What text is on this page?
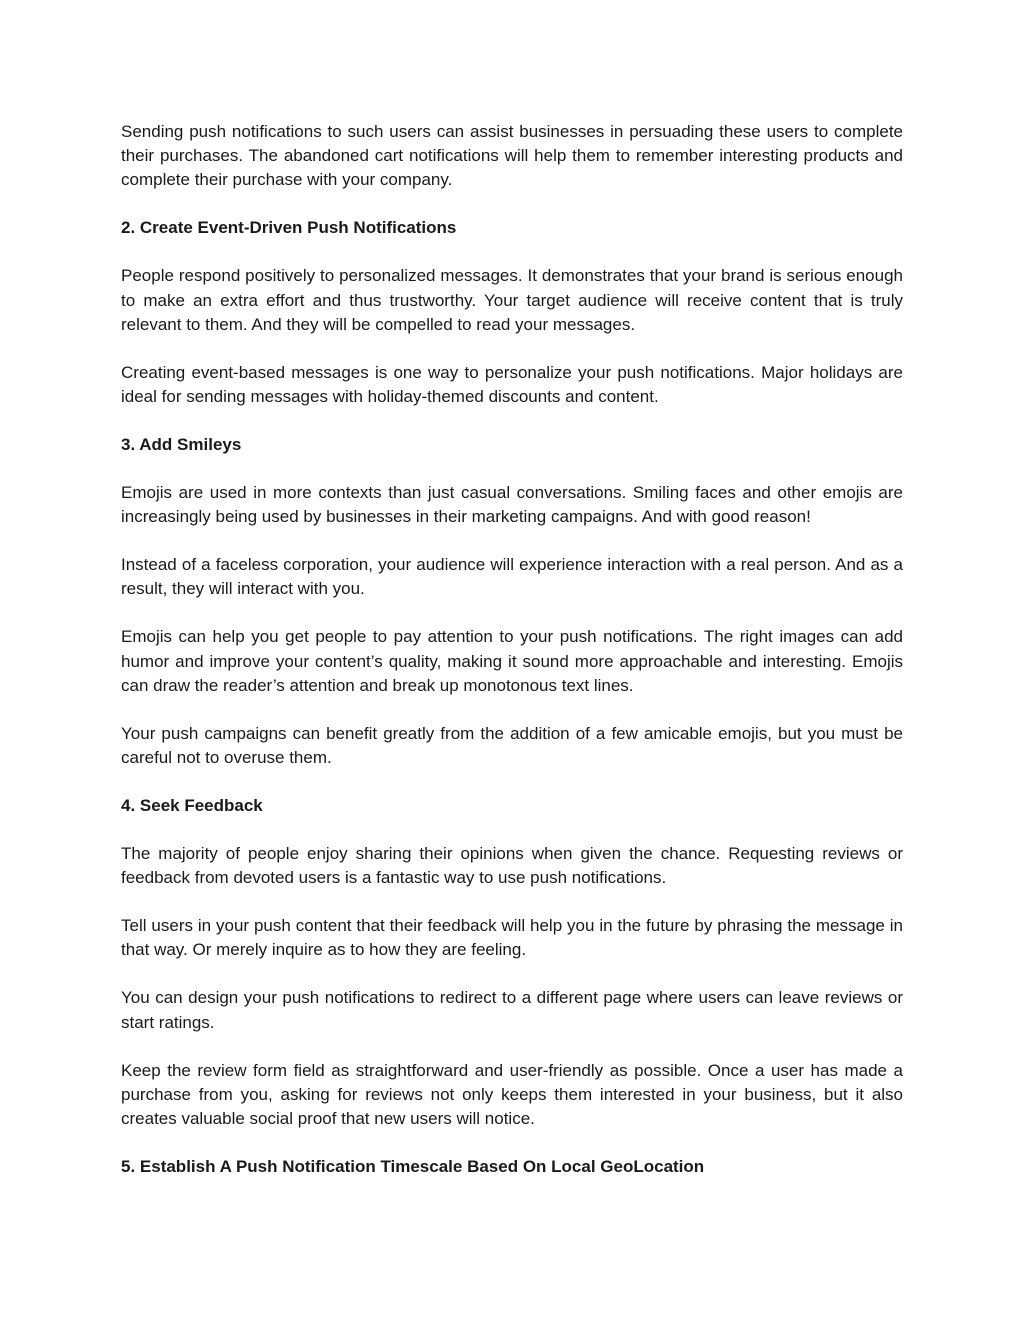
Sending push notifications to such users can assist businesses in persuading these users to complete their purchases. The abandoned cart notifications will help them to remember interesting products and complete their purchase with your company.

2. Create Event-Driven Push Notifications

People respond positively to personalized messages. It demonstrates that your brand is serious enough to make an extra effort and thus trustworthy. Your target audience will receive content that is truly relevant to them. And they will be compelled to read your messages.

Creating event-based messages is one way to personalize your push notifications. Major holidays are ideal for sending messages with holiday-themed discounts and content.

3. Add Smileys

Emojis are used in more contexts than just casual conversations. Smiling faces and other emojis are increasingly being used by businesses in their marketing campaigns. And with good reason!

Instead of a faceless corporation, your audience will experience interaction with a real person. And as a result, they will interact with you.

Emojis can help you get people to pay attention to your push notifications. The right images can add humor and improve your content’s quality, making it sound more approachable and interesting. Emojis can draw the reader’s attention and break up monotonous text lines.

Your push campaigns can benefit greatly from the addition of a few amicable emojis, but you must be careful not to overuse them.

4. Seek Feedback

The majority of people enjoy sharing their opinions when given the chance. Requesting reviews or feedback from devoted users is a fantastic way to use push notifications.

Tell users in your push content that their feedback will help you in the future by phrasing the message in that way. Or merely inquire as to how they are feeling.

You can design your push notifications to redirect to a different page where users can leave reviews or start ratings.

Keep the review form field as straightforward and user-friendly as possible. Once a user has made a purchase from you, asking for reviews not only keeps them interested in your business, but it also creates valuable social proof that new users will notice.

5. Establish A Push Notification Timescale Based On Local GeoLocation
